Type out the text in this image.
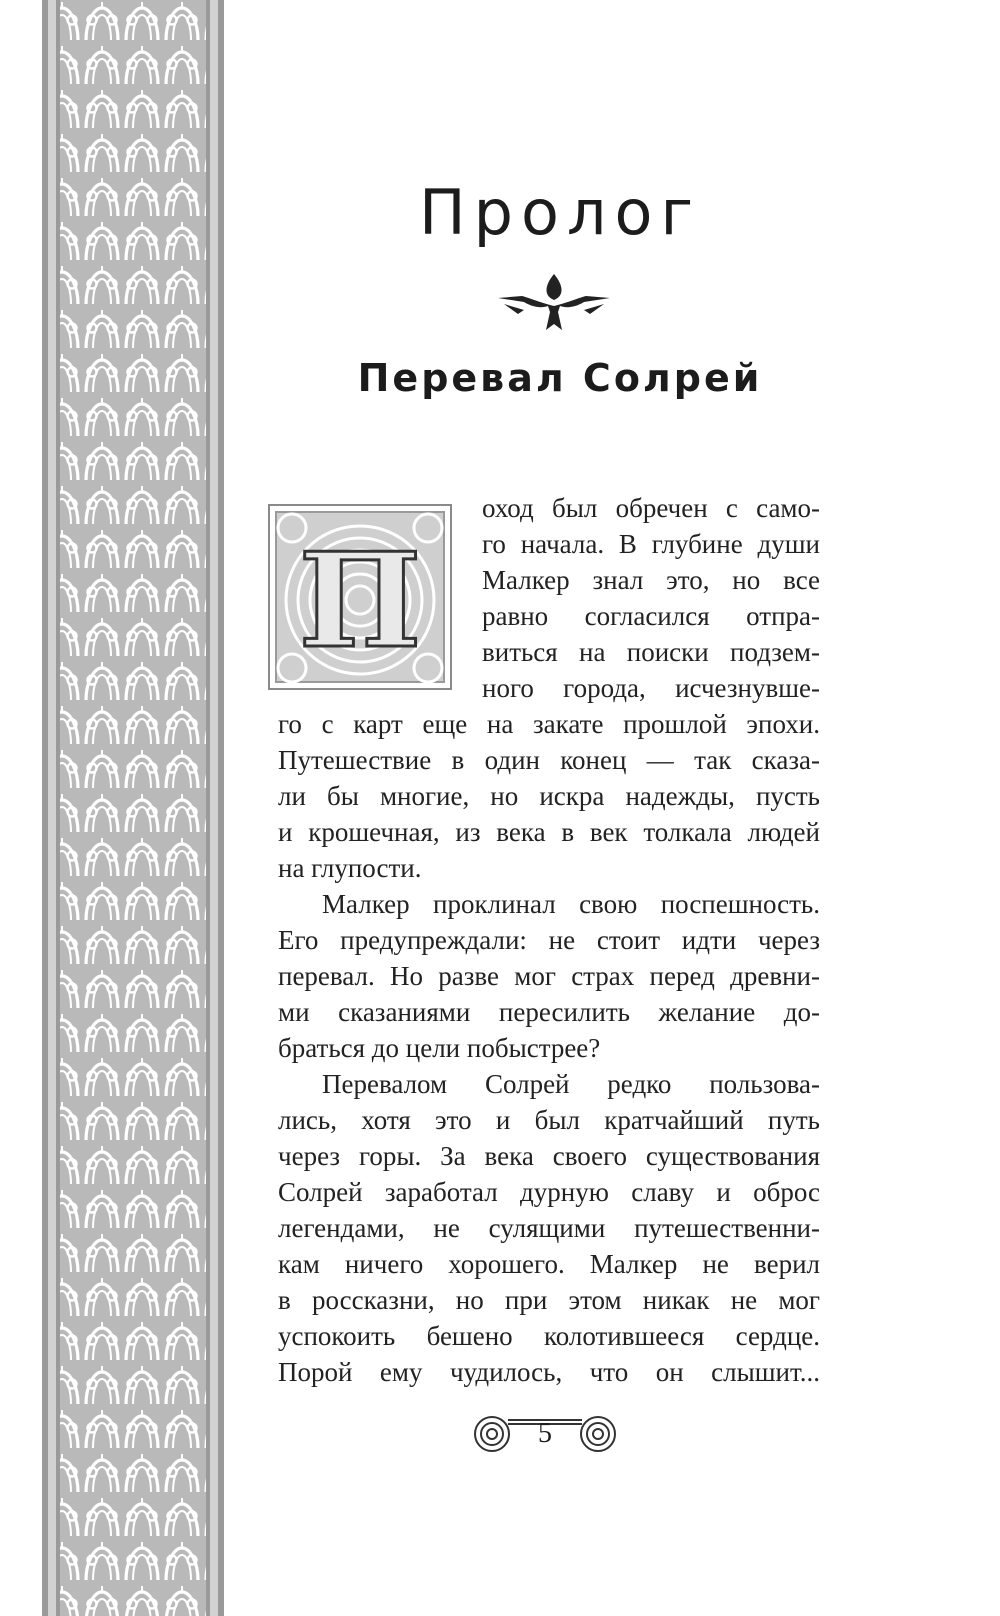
Пролог
Перевал Солрей
П
оход был обречен с само-
го начала. В глубине души
Малкер знал это, но все
равно согласился отпра-
виться на поиски подзем-
ного города, исчезнувше-
го с карт еще на закате прошлой эпохи.
Путешествие в один конец — так сказа-
ли бы многие, но искра надежды, пусть
и крошечная, из века в век толкала людей
на глупости.
Малкер проклинал свою поспешность.
Его предупреждали: не стоит идти через
перевал. Но разве мог страх перед древни-
ми сказаниями пересилить желание до-
браться до цели побыстрее?
Перевалом Солрей редко пользова-
лись, хотя это и был кратчайший путь
через горы. За века своего существования
Солрей заработал дурную славу и оброс
легендами, не сулящими путешественни-
кам ничего хорошего. Малкер не верил
в россказни, но при этом никак не мог
успокоить бешено колотившееся сердце.
Порой ему чудилось, что он слышит...
5
